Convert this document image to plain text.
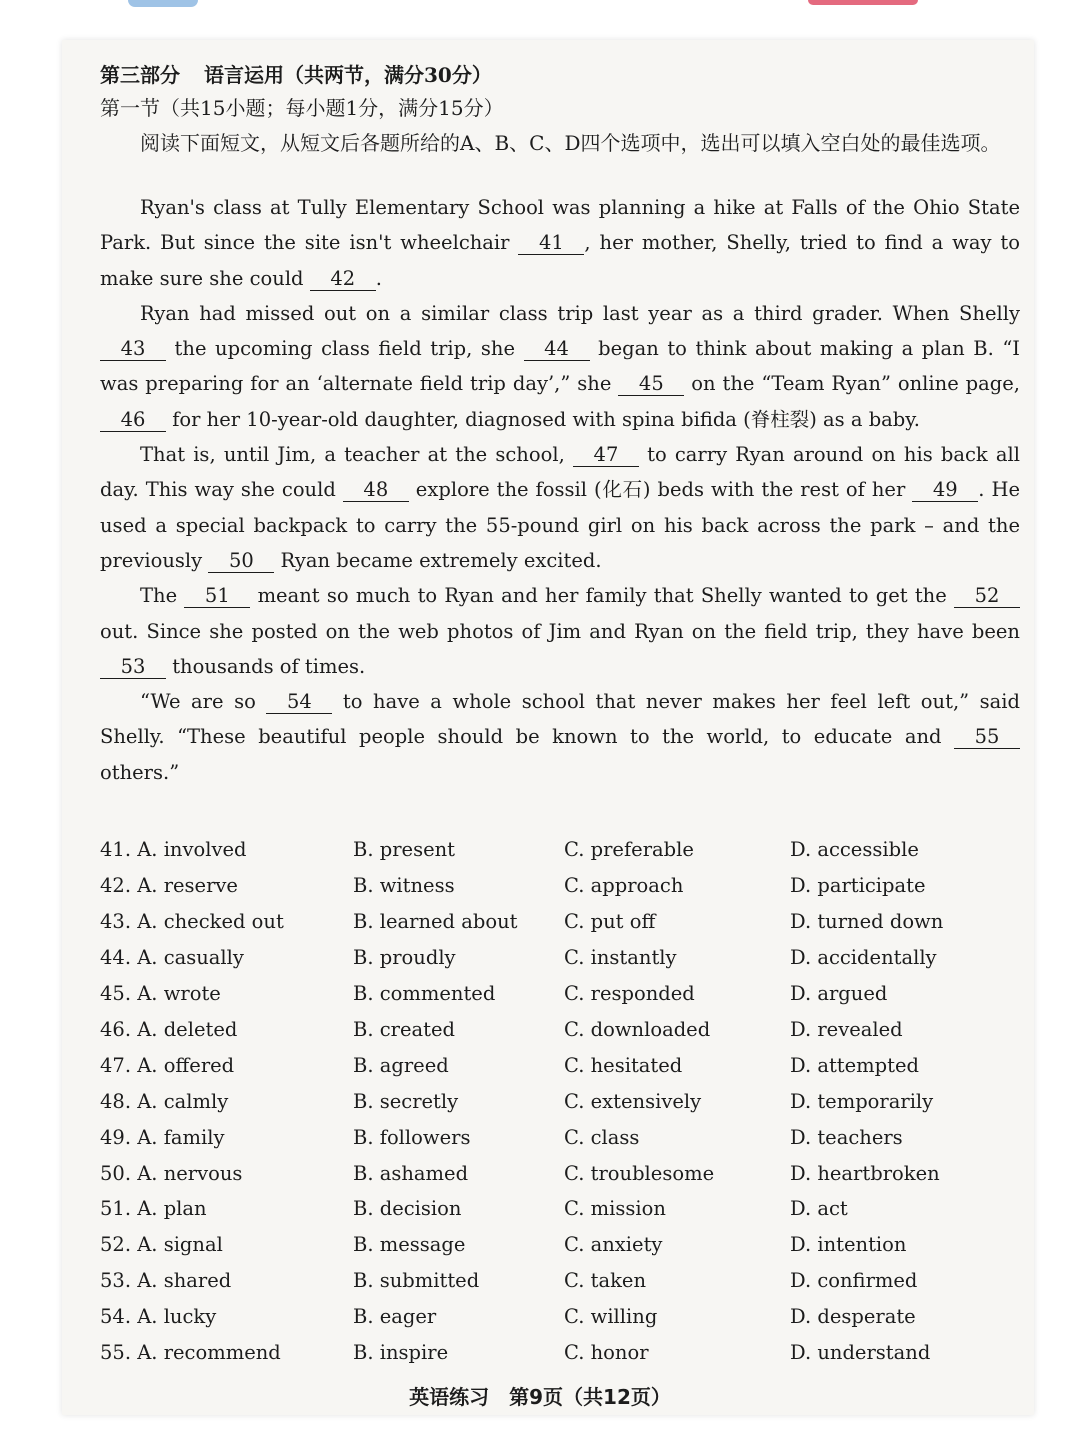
第三部分 语言运用（共两节，满分30分）

第一节（共15小题；每小题1分，满分15分）

阅读下面短文，从短文后各题所给的A、B、C、D四个选项中，选出可以填入空白处的最佳选项。

Ryan's class at Tully Elementary School was planning a hike at Falls of the Ohio State Park. But since the site isn't wheelchair 41 , her mother, Shelly, tried to find a way to make sure she could 42 .

Ryan had missed out on a similar class trip last year as a third grader. When Shelly 43 the upcoming class field trip, she 44 began to think about making a plan B. “I was preparing for an ‘alternate field trip day’,” she 45 on the “Team Ryan” online page, 46 for her 10-year-old daughter, diagnosed with spina bifida (脊柱裂) as a baby.

That is, until Jim, a teacher at the school, 47 to carry Ryan around on his back all day. This way she could 48 explore the fossil (化石) beds with the rest of her 49 . He used a special backpack to carry the 55-pound girl on his back across the park – and the previously 50 Ryan became extremely excited.

The 51 meant so much to Ryan and her family that Shelly wanted to get the 52 out. Since she posted on the web photos of Jim and Ryan on the field trip, they have been 53 thousands of times.

“We are so 54 to have a whole school that never makes her feel left out,” said Shelly. “These beautiful people should be known to the world, to educate and 55 others.”

41. A. involved	B. present	C. preferable	D. accessible
42. A. reserve	B. witness	C. approach	D. participate
43. A. checked out	B. learned about	C. put off	D. turned down
44. A. casually	B. proudly	C. instantly	D. accidentally
45. A. wrote	B. commented	C. responded	D. argued
46. A. deleted	B. created	C. downloaded	D. revealed
47. A. offered	B. agreed	C. hesitated	D. attempted
48. A. calmly	B. secretly	C. extensively	D. temporarily
49. A. family	B. followers	C. class	D. teachers
50. A. nervous	B. ashamed	C. troublesome	D. heartbroken
51. A. plan	B. decision	C. mission	D. act
52. A. signal	B. message	C. anxiety	D. intention
53. A. shared	B. submitted	C. taken	D. confirmed
54. A. lucky	B. eager	C. willing	D. desperate
55. A. recommend	B. inspire	C. honor	D. understand
英语练习　第9页（共12页）
